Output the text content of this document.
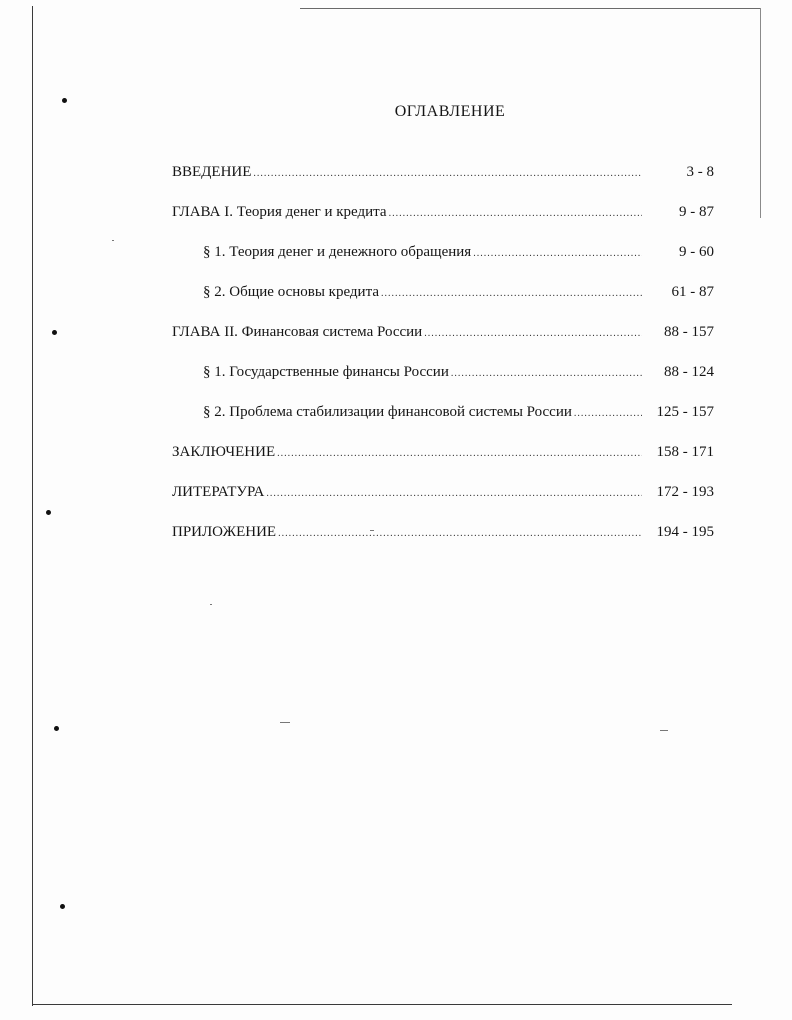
ОГЛАВЛЕНИЕ
ВВЕДЕНИЕ .....	3 - 8
ГЛАВА I. Теория денег и кредита .....	9 - 87
§ 1. Теория денег и денежного обращения .....	9 - 60
§ 2. Общие основы кредита .....	61 - 87
ГЛАВА II. Финансовая система России .....	88 - 157
§ 1. Государственные финансы России .....	88 - 124
§ 2. Проблема стабилизации финансовой системы России .....	125 - 157
ЗАКЛЮЧЕНИЕ .....	158 - 171
ЛИТЕРАТУРА .....	172 - 193
ПРИЛОЖЕНИЕ .....	194 - 195
